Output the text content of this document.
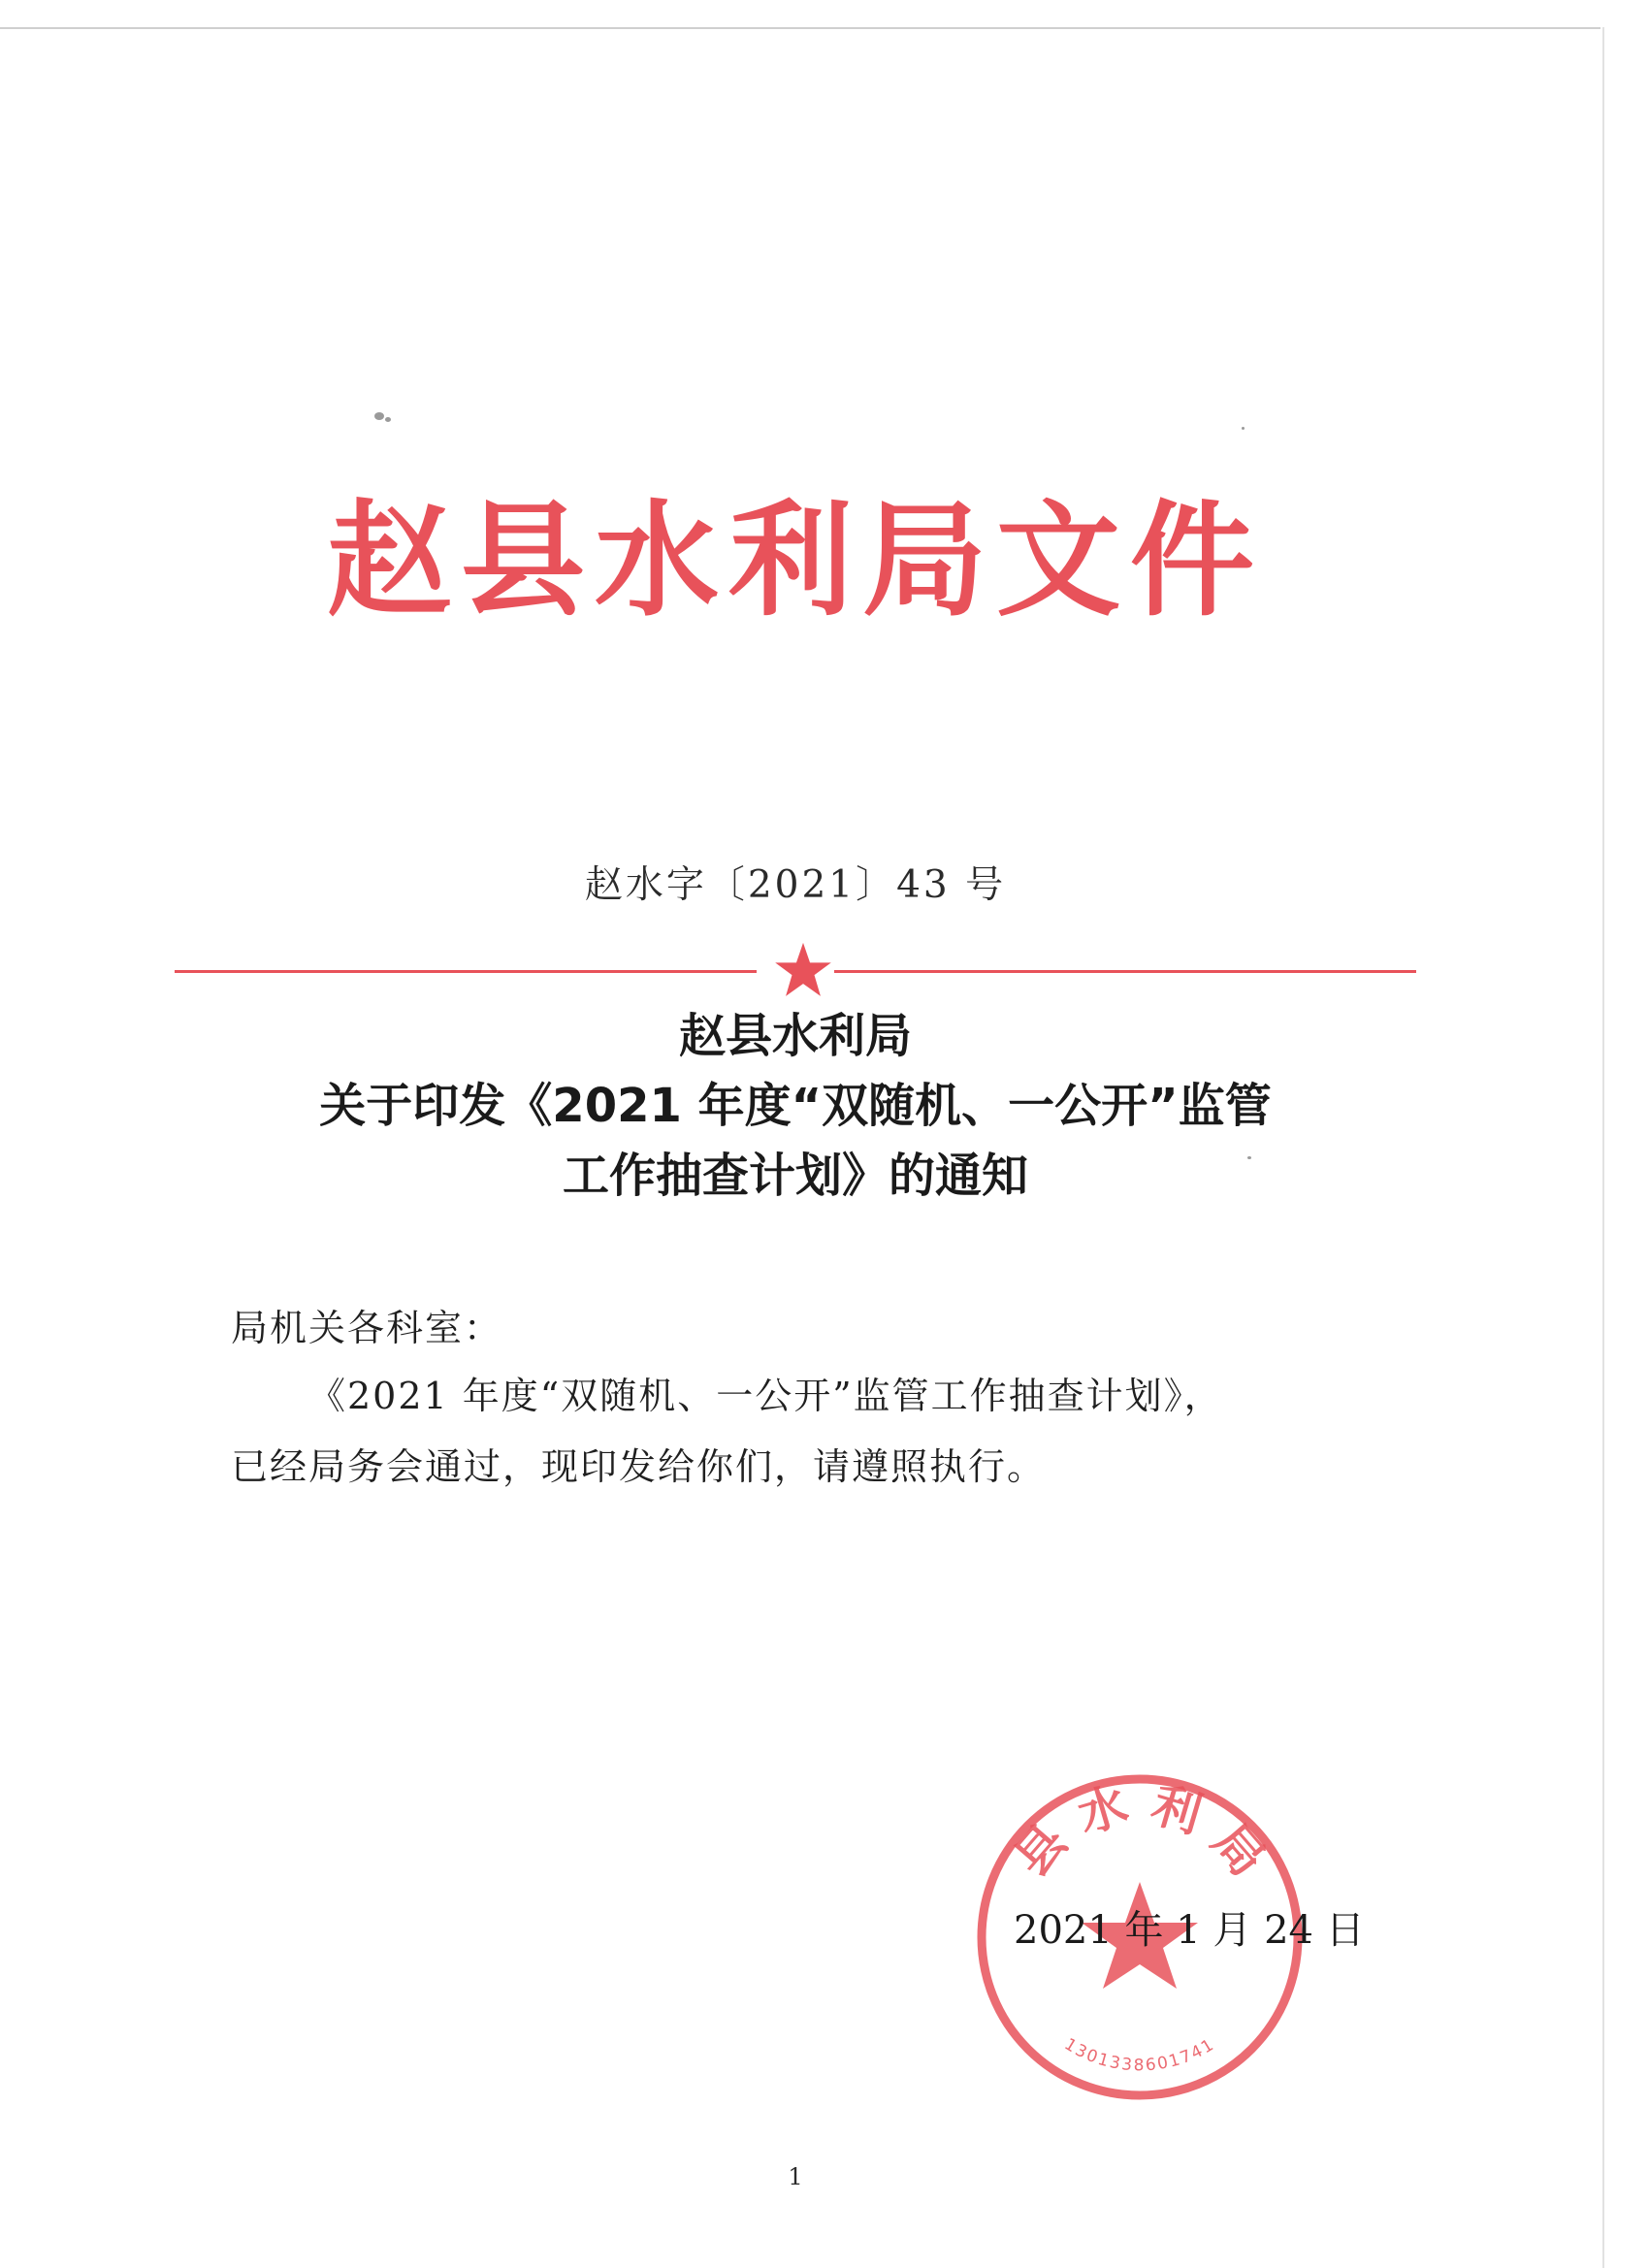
赵县水利局文件
赵水字〔2021〕43 号
赵县水利局
关于印发《2021 年度“双随机、一公开”监管
工作抽查计划》的通知
局机关各科室：
《2021 年度“双随机、一公开”监管工作抽查计划》，
已经局务会通过，现印发给你们，请遵照执行。
县 水 利 局
1301338601741
2021 年 1 月 24 日
1
